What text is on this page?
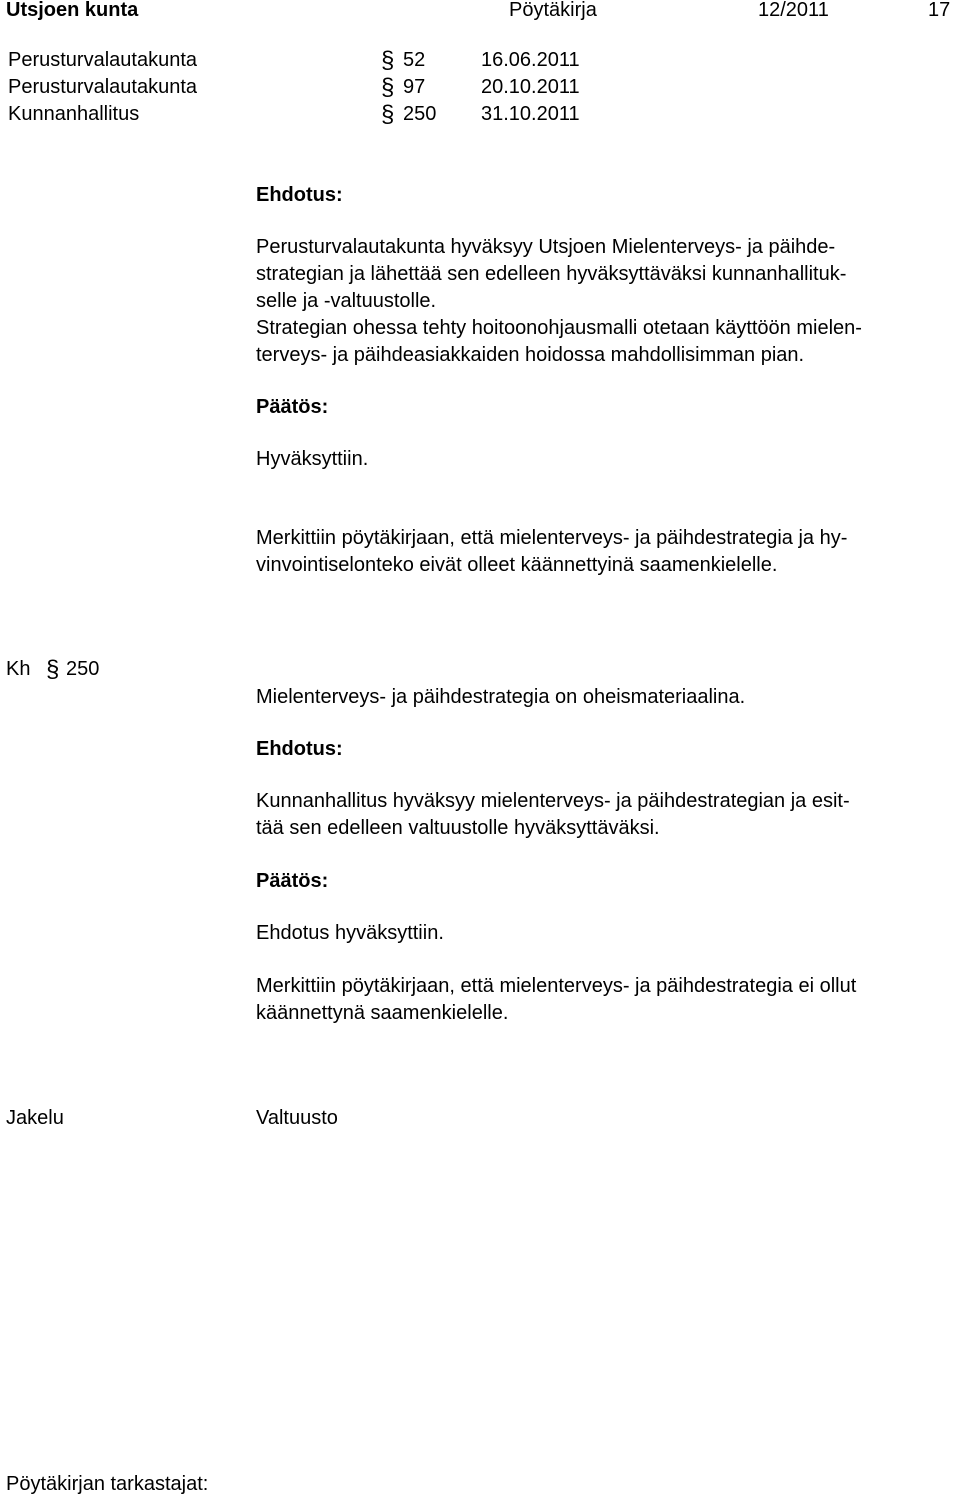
Utsjoen kunta	Pöytäkirja	12/2011	17
Perusturvalautakunta	§ 52	16.06.2011
Perusturvalautakunta	§ 97	20.10.2011
Kunnanhallitus	§ 250 31.10.2011
Ehdotus:
Perusturvalautakunta hyväksyy Utsjoen Mielenterveys- ja päihde-
strategian ja lähettää sen edelleen hyväksyttäväksi kunnanhallituk-
selle ja -valtuustolle.
Strategian ohessa tehty hoitoonohjausmalli otetaan käyttöön mielen-
terveys- ja päihdeasiakkaiden hoidossa mahdollisimman pian.
Päätös:
Hyväksyttiin.
Merkittiin pöytäkirjaan, että mielenterveys- ja päihdestrategia ja hy-
vinvointiselonteko eivät olleet käännettyinä saamenkielelle.
Kh § 250
Mielenterveys- ja päihdestrategia on oheismateriaalina.
Ehdotus:
Kunnanhallitus hyväksyy mielenterveys- ja päihdestrategian ja esit-
tää sen edelleen valtuustolle hyväksyttäväksi.
Päätös:
Ehdotus hyväksyttiin.
Merkittiin pöytäkirjaan, että mielenterveys- ja päihdestrategia ei ollut
käännettynä saamenkielelle.
Jakelu	Valtuusto
Pöytäkirjan tarkastajat:
